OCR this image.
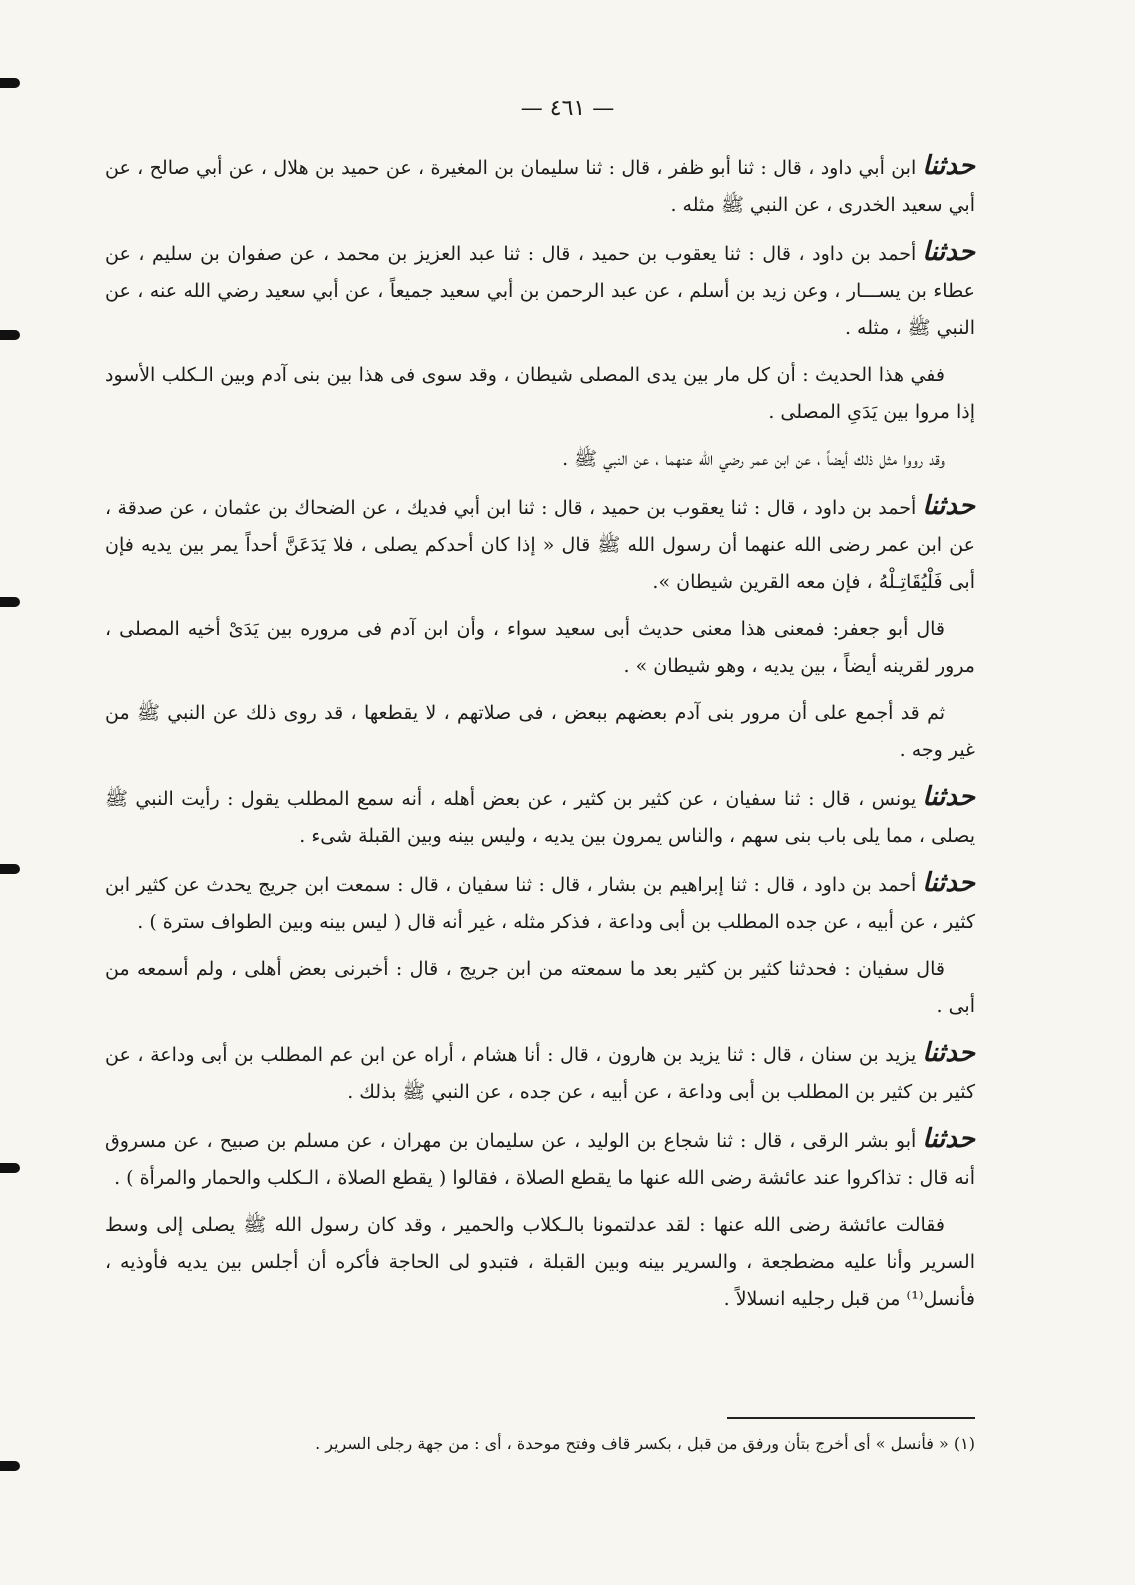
— ٤٦١ —

حدثناابن أبي داود ، قال : ثنا أبو ظفر ، قال : ثنا سليمان بن المغيرة ، عن حميد بن هلال ، عن أبي صالح ، عن أبي سعيد الخدرى ، عن النبي ﷺ مثله .

حدثناأحمد بن داود ، قال : ثنا يعقوب بن حميد ، قال : ثنا عبد العزيز بن محمد ، عن صفوان بن سليم ، عن عطاء بن يســـار ، وعن زيد بن أسلم ، عن عبد الرحمن بن أبي سعيد جميعاً ، عن أبي سعيد رضي الله عنه ، عن النبي ﷺ ، مثله .

ففي هذا الحديث : أن كل مار بين يدى المصلى شيطان ، وقد سوى فى هذا بين بنى آدم وبين الـكلب الأسود إذا مروا بين يَدَىِ المصلى .

وقد رووا مثل ذلك أيضاً ، عن ابن عمر رضي الله عنهما ، عن النبي ﷺ .

حدثناأحمد بن داود ، قال : ثنا يعقوب بن حميد ، قال : ثنا ابن أبي فديك ، عن الضحاك بن عثمان ، عن صدقة ، عن ابن عمر رضى الله عنهما أن رسول الله ﷺ قال « إذا كان أحدكم يصلى ، فلا يَدَعَنَّ أحداً يمر بين يديه فإن أبى فَلْيُقَاتِـلْهُ ، فإن معه القرين شيطان ».

قال أبو جعفر: فمعنى هذا معنى حديث أبى سعيد سواء ، وأن ابن آدم فى مروره بين يَدَىْ أخيه المصلى ، مرور لقرينه أيضاً ، بين يديه ، وهو شيطان » .

ثم قد أجمع على أن مرور بنى آدم بعضهم ببعض ، فى صلاتهم ، لا يقطعها ، قد روى ذلك عن النبي ﷺ من غير وجه .

حدثنايونس ، قال : ثنا سفيان ، عن كثير بن كثير ، عن بعض أهله ، أنه سمع المطلب يقول : رأيت النبي ﷺ يصلى ، مما يلى باب بنى سهم ، والناس يمرون بين يديه ، وليس بينه وبين القبلة شىء .

حدثناأحمد بن داود ، قال : ثنا إبراهيم بن بشار ، قال : ثنا سفيان ، قال : سمعت ابن جريج يحدث عن كثير ابن كثير ، عن أبيه ، عن جده المطلب بن أبى وداعة ، فذكر مثله ، غير أنه قال ( ليس بينه وبين الطواف سترة ) .

قال سفيان : فحدثنا كثير بن كثير بعد ما سمعته من ابن جريج ، قال : أخبرنى بعض أهلى ، ولم أسمعه من أبى .

حدثنايزيد بن سنان ، قال : ثنا يزيد بن هارون ، قال : أنا هشام ، أراه عن ابن عم المطلب بن أبى وداعة ، عن كثير بن كثير بن المطلب بن أبى وداعة ، عن أبيه ، عن جده ، عن النبي ﷺ بذلك .

حدثناأبو بشر الرقى ، قال : ثنا شجاع بن الوليد ، عن سليمان بن مهران ، عن مسلم بن صبيح ، عن مسروق أنه قال : تذاكروا عند عائشة رضى الله عنها ما يقطع الصلاة ، فقالوا ( يقطع الصلاة ، الـكلب والحمار والمرأة ) .

فقالت عائشة رضى الله عنها : لقد عدلتمونا بالـكلاب والحمير ، وقد كان رسول الله ﷺ يصلى إلى وسط السرير وأنا عليه مضطجعة ، والسرير بينه وبين القبلة ، فتبدو لى الحاجة فأكره أن أجلس بين يديه فأوذيه ، فأنسل⁽¹⁾ من قبل رجليه انسلالاً .

(١) « فأنسل » أى أخرج بتأن ورفق من قبل ، بكسر قاف وفتح موحدة ، أى : من جهة رجلى السرير .
